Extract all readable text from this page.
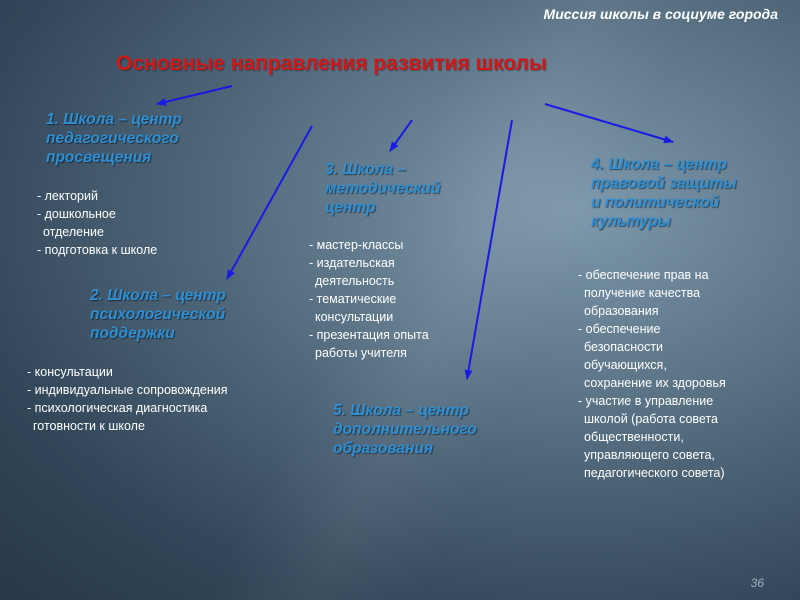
Миссия школы в социуме города
Основные направления развития школы
1. Школа – центр
педагогического
просвещения
- лекторий
- дошкольное
отделение
- подготовка к школе
2. Школа – центр
психологической
поддержки
- консультации
- индивидуальные сопровождения
- психологическая диагностика
готовности к школе
3. Школа –
методический
центр
- мастер-классы
- издательская
деятельность
- тематические
консультации
- презентация опыта
работы учителя
4. Школа – центр
правовой защиты
и политической
культуры
- обеспечение прав на
получение качества
образования
- обеспечение
безопасности
обучающихся,
сохранение их здоровья
- участие в управление
школой (работа совета
общественности,
управляющего совета,
педагогического совета)
5. Школа – центр
дополнительного
образования
36
